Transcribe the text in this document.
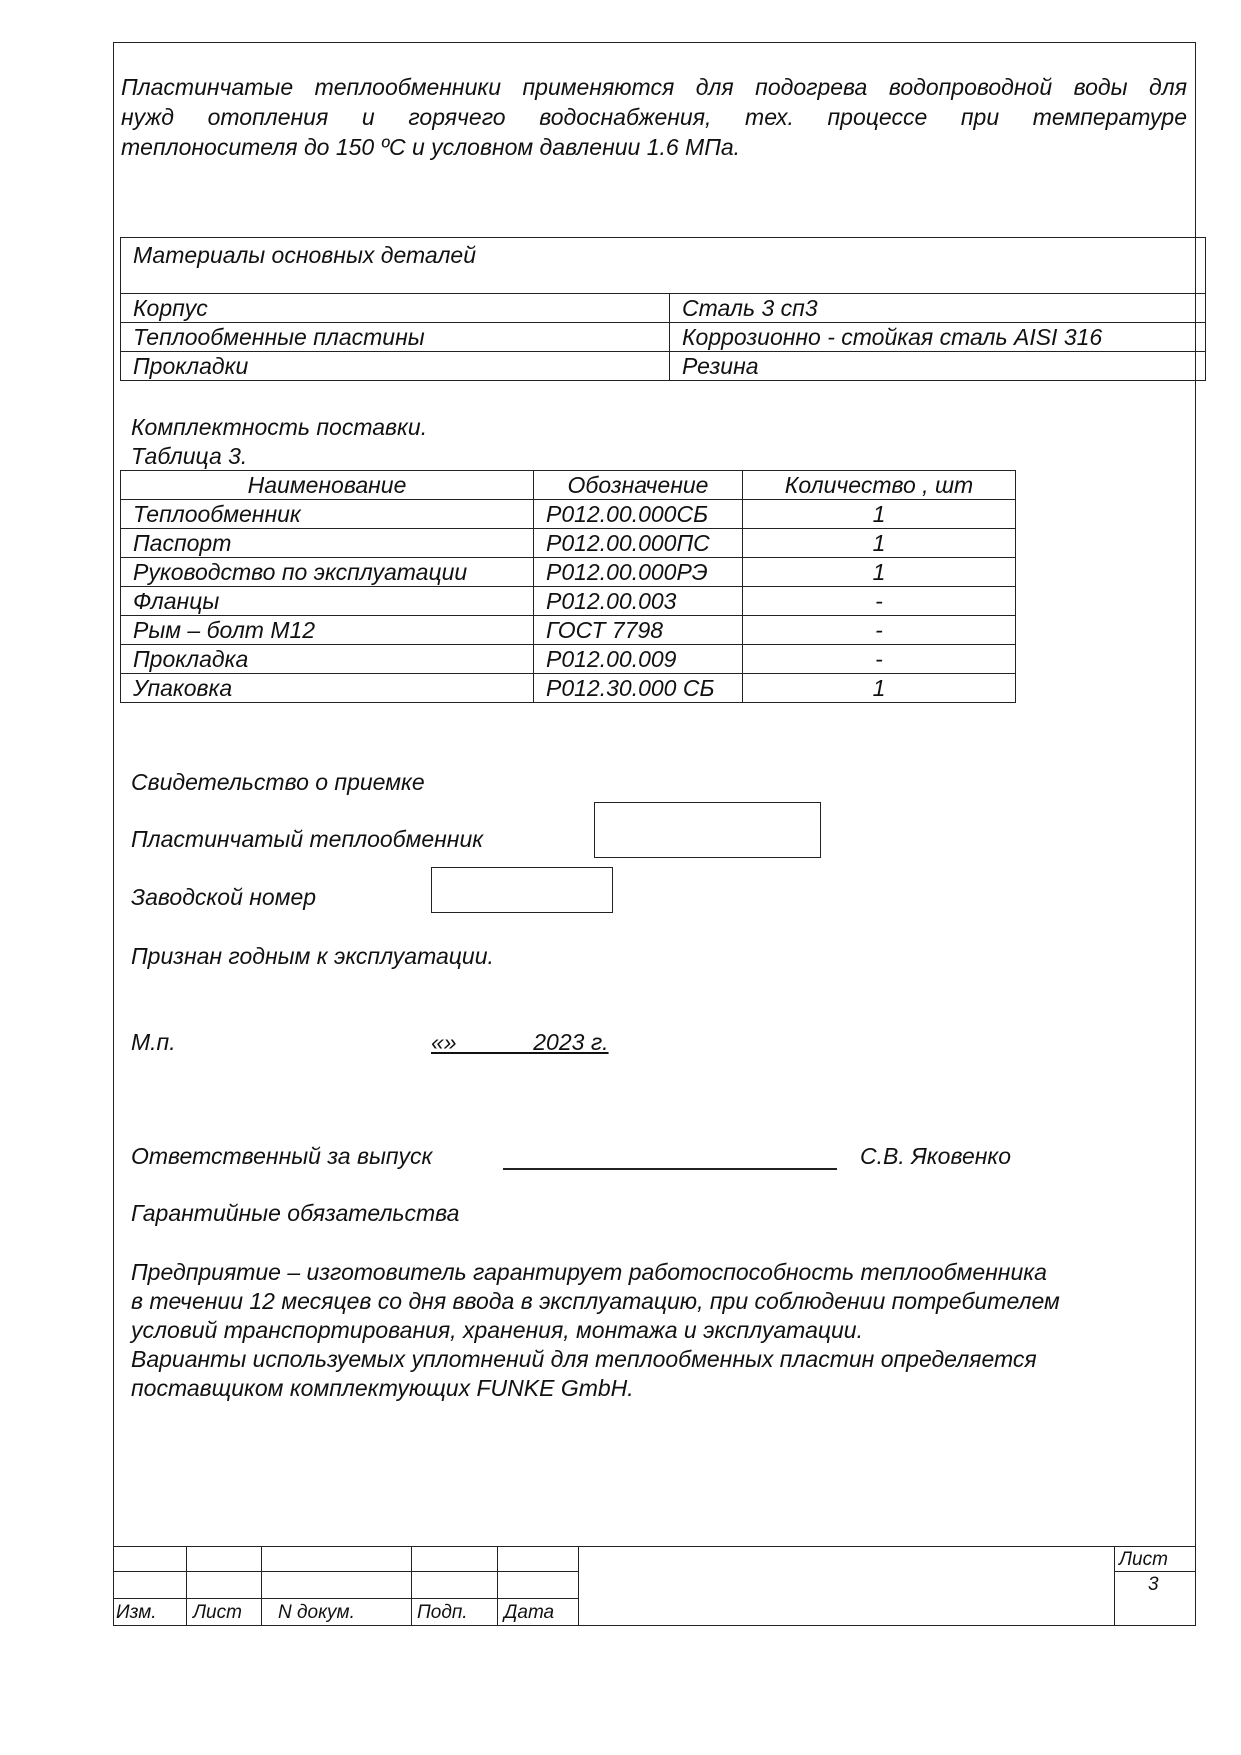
Пластинчатые теплообменники применяются для подогрева водопроводной воды для
нужд отопления и горячего водоснабжения, тех. процессе при температуре
теплоносителя до 150 ºС и условном давлении 1.6 МПа.
Материалы основных деталей	
Корпус	Сталь 3 сп3
Теплообменные пластины	Коррозионно - стойкая сталь AISI 316
Прокладки	Резина
Комплектность поставки.
Таблица 3.
Наименование	Обозначение	Количество , шт
Теплообменник	Р012.00.000СБ	1
Паспорт	Р012.00.000ПС	1
Руководство по эксплуатации	Р012.00.000РЭ	1
Фланцы	Р012.00.003	-
Рым – болт М12	ГОСТ 7798	-
Прокладка	Р012.00.009	-
Упаковка	Р012.30.000 СБ	1
Свидетельство о приемке
Пластинчатый теплообменник
Заводской номер
Признан годным к эксплуатации.
М.п.	«»            2023 г.
Ответственный за выпуск	С.В. Яковенко
Гарантийные обязательства
Предприятие – изготовитель гарантирует работоспособность теплообменника
в течении 12 месяцев со дня ввода в эксплуатацию, при соблюдении потребителем
условий транспортирования, хранения, монтажа и эксплуатации.
Варианты используемых уплотнений для теплообменных пластин определяется
поставщиком комплектующих FUNKE GmbH.
Изм. Лист N докум.	Подп. Дата
Лист
3
